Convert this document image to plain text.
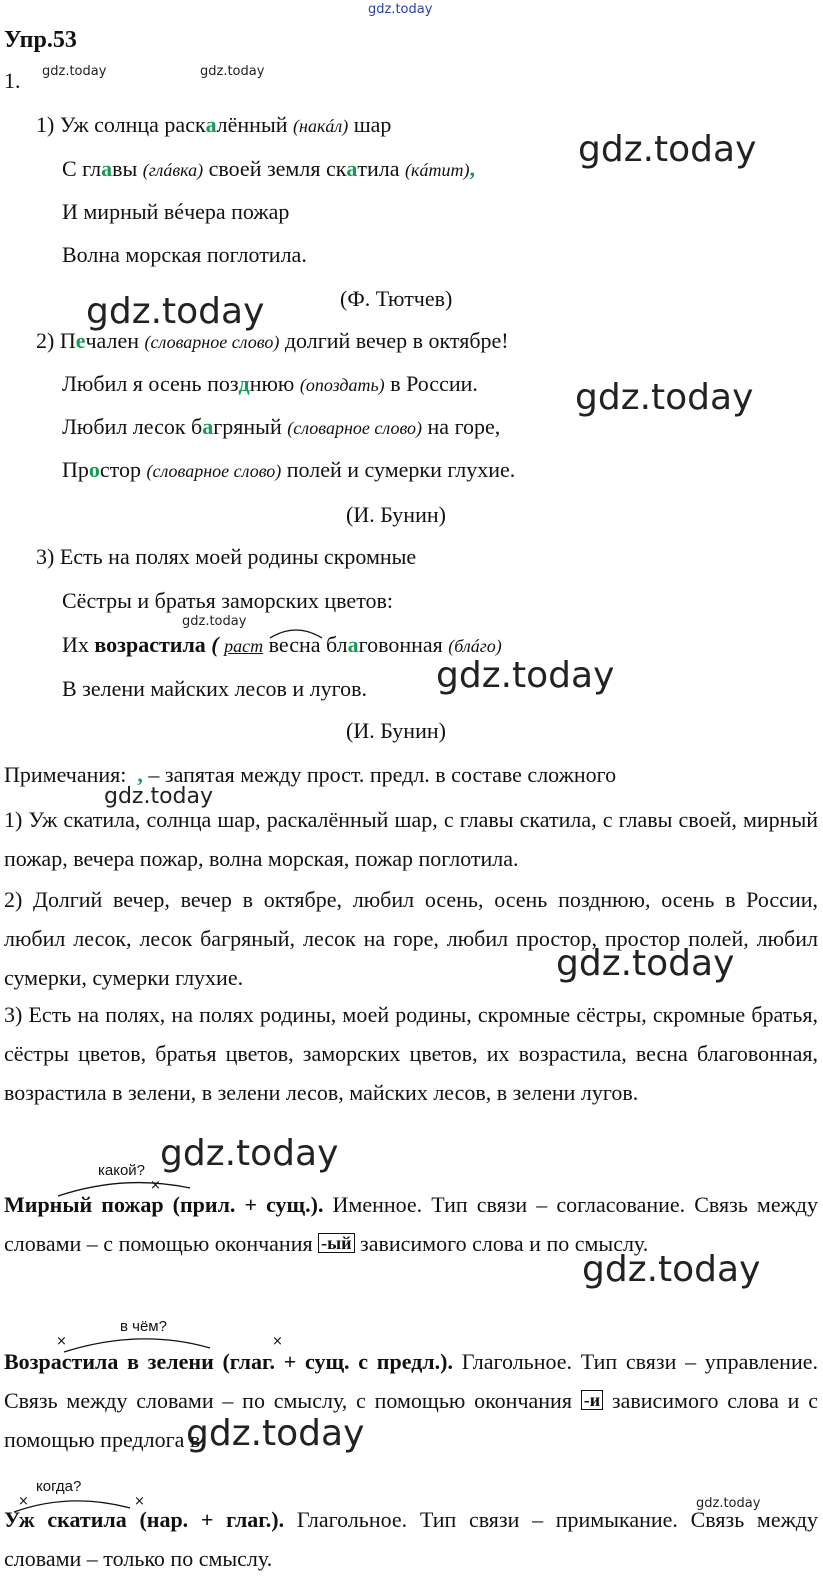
gdz.today
gdz.today	gdz.today
gdz.today
gdz.today
gdz.today
gdz.today
gdz.today
gdz.today
gdz.today
gdz.today
gdz.today
gdz.today
gdz.today
Упр.53
1.
1) Уж солнца раскалённый (накáл) шар
С главы (глáвка) своей земля скатила (кáтит),
И мирный вéчера пожар
Волна морская поглотила.
(Ф. Тютчев)
2) Печален (словарное слово) долгий вечер в октябре!
Любил я осень позднюю (опоздать) в России.
Любил лесок багряный (словарное слово) на горе,
Простор (словарное слово) полей и сумерки глухие.
(И. Бунин)
3) Есть на полях моей родины скромные
Сёстры и братья заморских цветов:
Их возрастила ( раст весна благовонная (блáго)
В зелени майских лесов и лугов.
(И. Бунин)
Примечания: , – запятая между прост. предл. в составе сложного
1) Уж скатила, солнца шар, раскалённый шар, с главы скатила, с главы своей, мирный пожар, вечера пожар, волна морская, пожар поглотила.
2) Долгий вечер, вечер в октябре, любил осень, осень позднюю, осень в России, любил лесок, лесок багряный, лесок на горе, любил простор, простор полей, любил сумерки, сумерки глухие.
3) Есть на полях, на полях родины, моей родины, скромные сёстры, скромные братья, сёстры цветов, братья цветов, заморских цветов, их возрастила, весна благовонная, возрастила в зелени, в зелени лесов, майских лесов, в зелени лугов.
какой?
×
Мирный пожар (прил. + сущ.). Именное. Тип связи – согласование. Связь между словами – с помощью окончания -ый зависимого слова и по смыслу.
в чём?
×	×
Возрастила в зелени (глаг. + сущ. с предл.). Глагольное. Тип связи – управление. Связь между словами – по смыслу, с помощью окончания -и зависимого слова и с помощью предлога в.
когда?
×	×
Уж скатила (нар. + глаг.). Глагольное. Тип связи – примыкание. Связь между словами – только по смыслу.
